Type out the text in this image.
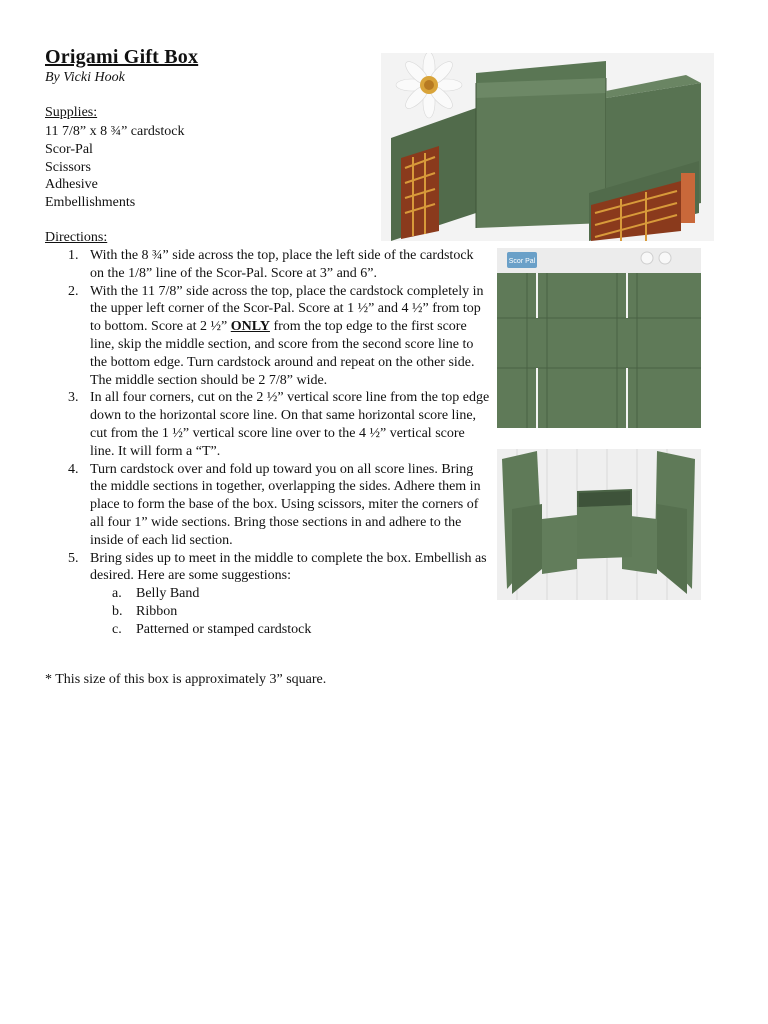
Origami Gift Box
By Vicki Hook
Supplies:
11 7/8” x 8 ¾” cardstock
Scor-Pal
Scissors
Adhesive
Embellishments
Directions:
1. With the 8 ¾” side across the top, place the left side of the cardstock on the 1/8” line of the Scor-Pal. Score at 3” and 6”.
2. With the 11 7/8” side across the top, place the cardstock completely in the upper left corner of the Scor-Pal. Score at 1 ½” and 4 ½” from top to bottom. Score at 2 ½” ONLY from the top edge to the first score line, skip the middle section, and score from the second score line to the bottom edge. Turn cardstock around and repeat on the other side. The middle section should be 2 7/8” wide.
3. In all four corners, cut on the 2 ½” vertical score line from the top edge down to the horizontal score line. On that same horizontal score line, cut from the 1 ½” vertical score line over to the 4 ½” vertical score line. It will form a “T”.
4. Turn cardstock over and fold up toward you on all score lines. Bring the middle sections in together, overlapping the sides. Adhere them in place to form the base of the box. Using scissors, miter the corners of all four 1” wide sections. Bring those sections in and adhere to the inside of each lid section.
5. Bring sides up to meet in the middle to complete the box. Embellish as desired. Here are some suggestions:
a. Belly Band
b. Ribbon
c. Patterned or stamped cardstock
* This size of this box is approximately 3” square.
Scor Pal
